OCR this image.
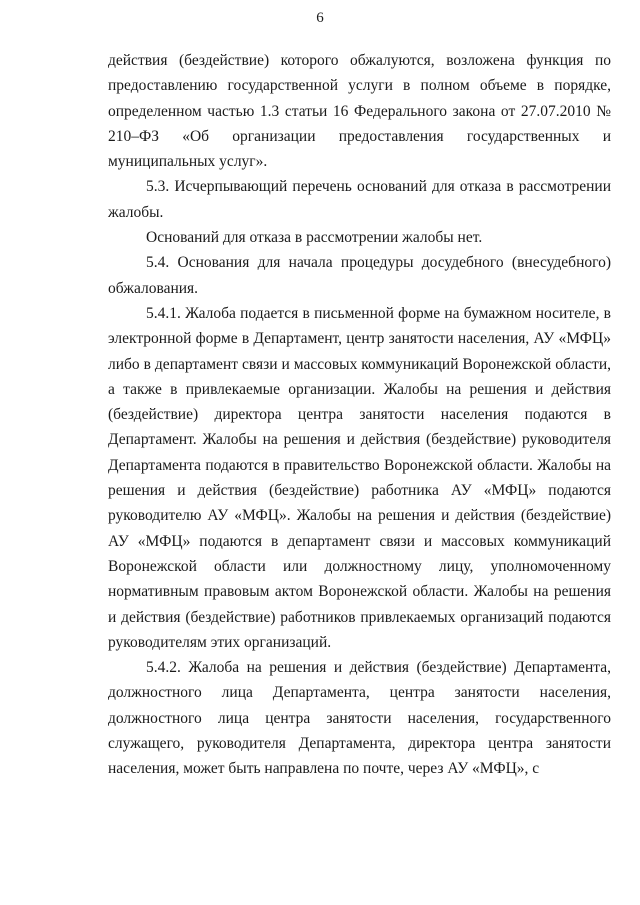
6

действия (бездействие) которого обжалуются, возложена функция по предоставлению государственной услуги в полном объеме в порядке, определенном частью 1.3 статьи 16 Федерального закона от 27.07.2010 № 210–ФЗ «Об организации предоставления государственных и муниципальных услуг».

5.3. Исчерпывающий перечень оснований для отказа в рассмотрении жалобы.

Оснований для отказа в рассмотрении жалобы нет.

5.4. Основания для начала процедуры досудебного (внесудебного) обжалования.

5.4.1. Жалоба подается в письменной форме на бумажном носителе, в электронной форме в Департамент, центр занятости населения, АУ «МФЦ» либо в департамент связи и массовых коммуникаций Воронежской области, а также в привлекаемые организации. Жалобы на решения и действия (бездействие) директора центра занятости населения подаются в Департамент. Жалобы на решения и действия (бездействие) руководителя Департамента подаются в правительство Воронежской области. Жалобы на решения и действия (бездействие) работника АУ «МФЦ» подаются руководителю АУ «МФЦ». Жалобы на решения и действия (бездействие) АУ «МФЦ» подаются в департамент связи и массовых коммуникаций Воронежской области или должностному лицу, уполномоченному нормативным правовым актом Воронежской области. Жалобы на решения и действия (бездействие) работников привлекаемых организаций подаются руководителям этих организаций.

5.4.2. Жалоба на решения и действия (бездействие) Департамента, должностного лица Департамента, центра занятости населения, должностного лица центра занятости населения, государственного служащего, руководителя Департамента, директора центра занятости населения, может быть направлена по почте, через АУ «МФЦ», с
